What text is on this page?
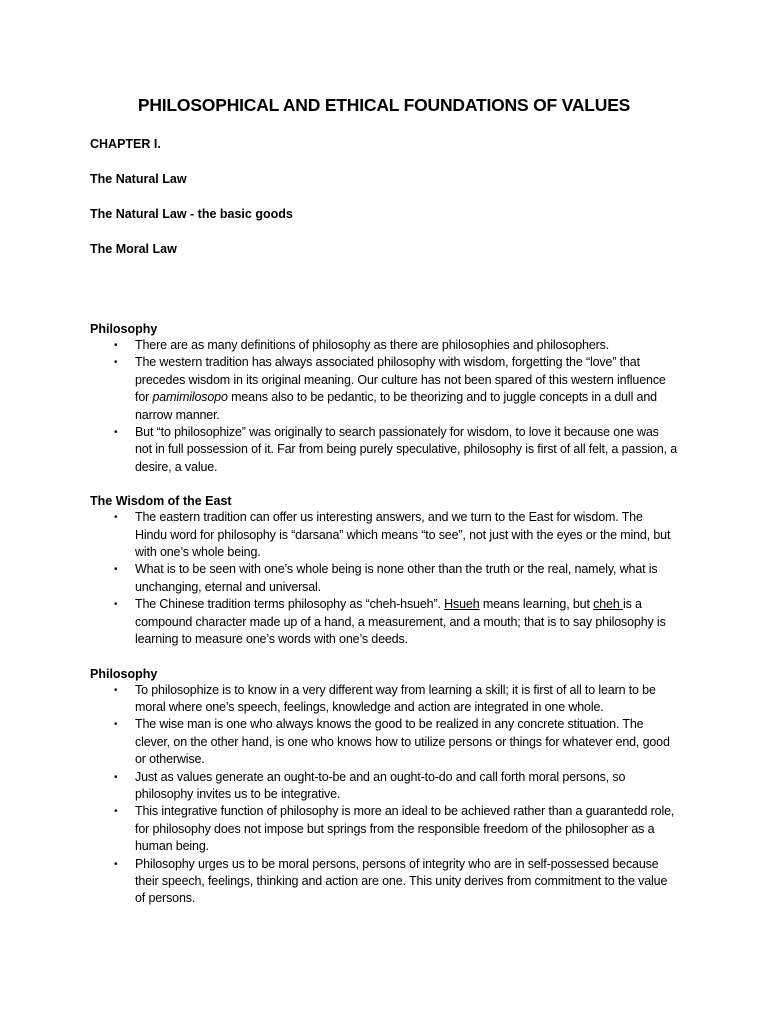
PHILOSOPHICAL AND ETHICAL FOUNDATIONS OF VALUES

CHAPTER I.

The Natural Law

The Natural Law - the basic goods

The Moral Law

Philosophy

• There are as many definitions of philosophy as there are philosophies and philosophers.
• The western tradition has always associated philosophy with wisdom, forgetting the “love” that precedes wisdom in its original meaning. Our culture has not been spared of this western influence for pamimilosopo means also to be pedantic, to be theorizing and to juggle concepts in a dull and narrow manner.
• But “to philosophize” was originally to search passionately for wisdom, to love it because one was not in full possession of it. Far from being purely speculative, philosophy is first of all felt, a passion, a desire, a value.

The Wisdom of the East

• The eastern tradition can offer us interesting answers, and we turn to the East for wisdom. The Hindu word for philosophy is “darsana” which means “to see”, not just with the eyes or the mind, but with one’s whole being.
• What is to be seen with one’s whole being is none other than the truth or the real, namely, what is unchanging, eternal and universal.
• The Chinese tradition terms philosophy as “cheh-hsueh”. Hsueh means learning, but cheh is a compound character made up of a hand, a measurement, and a mouth; that is to say philosophy is learning to measure one’s words with one’s deeds.

Philosophy

• To philosophize is to know in a very different way from learning a skill; it is first of all to learn to be moral where one’s speech, feelings, knowledge and action are integrated in one whole.
• The wise man is one who always knows the good to be realized in any concrete stituation. The clever, on the other hand, is one who knows how to utilize persons or things for whatever end, good or otherwise.
• Just as values generate an ought-to-be and an ought-to-do and call forth moral persons, so philosophy invites us to be integrative.
• This integrative function of philosophy is more an ideal to be achieved rather than a guarantedd role, for philosophy does not impose but springs from the responsible freedom of the philosopher as a human being.
• Philosophy urges us to be moral persons, persons of integrity who are in self-possessed because their speech, feelings, thinking and action are one. This unity derives from commitment to the value of persons.
